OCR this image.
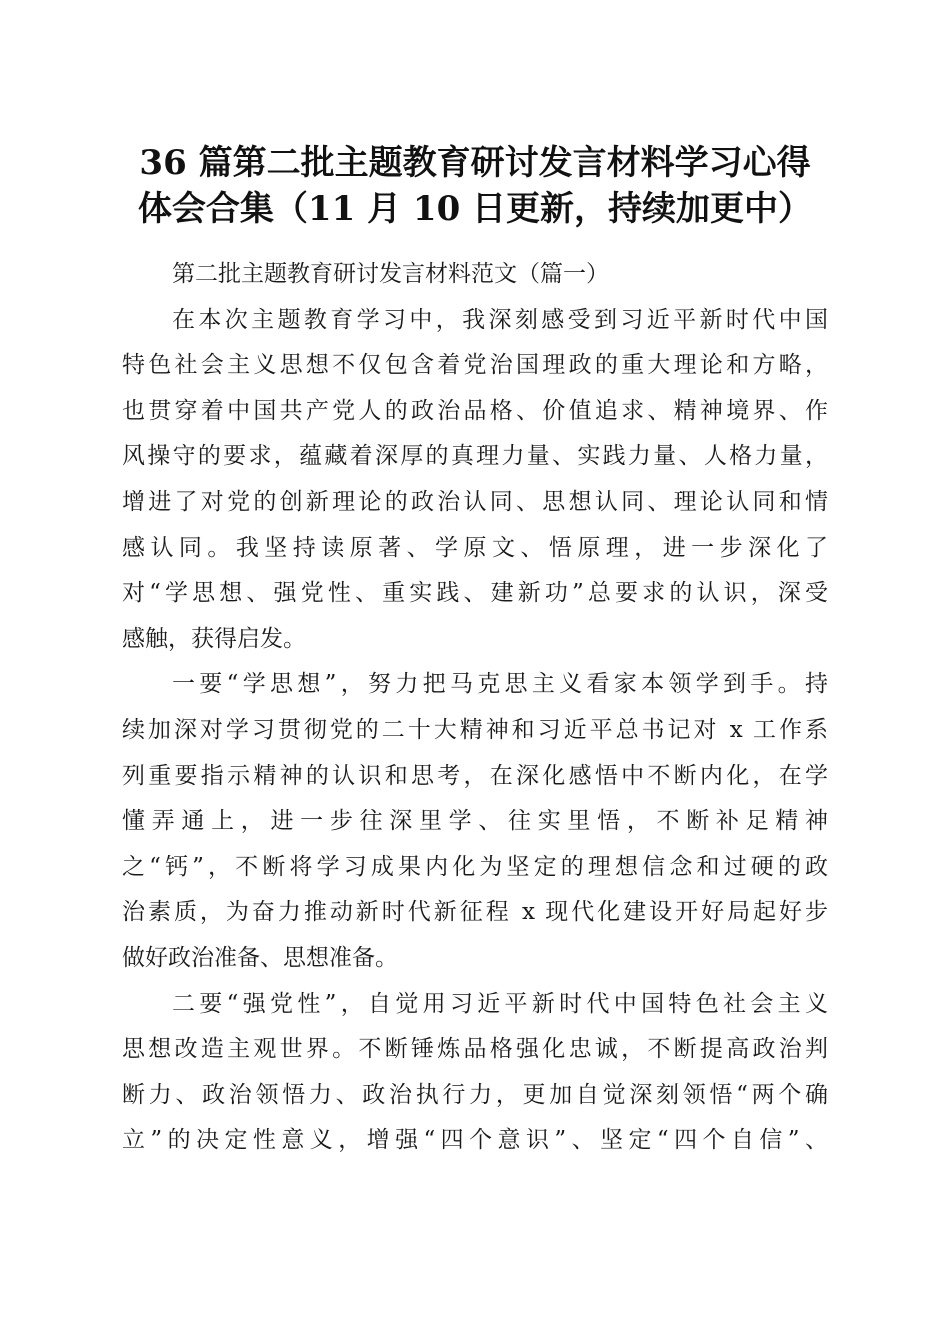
36 篇第二批主题教育研讨发言材料学习心得
体会合集（11 月 10 日更新，持续加更中）
第二批主题教育研讨发言材料范文（篇一）
在本次主题教育学习中，我深刻感受到习近平新时代中国
特色社会主义思想不仅包含着党治国理政的重大理论和方略，
也贯穿着中国共产党人的政治品格、价值追求、精神境界、作
风操守的要求，蕴藏着深厚的真理力量、实践力量、人格力量，
增进了对党的创新理论的政治认同、思想认同、理论认同和情
感认同。我坚持读原著、学原文、悟原理，进一步深化了
对“学思想、强党性、重实践、建新功”总要求的认识，深受
感触，获得启发。
一要“学思想”，努力把马克思主义看家本领学到手。持
续加深对学习贯彻党的二十大精神和习近平总书记对 x 工作系
列重要指示精神的认识和思考，在深化感悟中不断内化，在学
懂弄通上，进一步往深里学、往实里悟，不断补足精神
之“钙”，不断将学习成果内化为坚定的理想信念和过硬的政
治素质，为奋力推动新时代新征程 x 现代化建设开好局起好步
做好政治准备、思想准备。
二要“强党性”，自觉用习近平新时代中国特色社会主义
思想改造主观世界。不断锤炼品格强化忠诚，不断提高政治判
断力、政治领悟力、政治执行力，更加自觉深刻领悟“两个确
立”的决定性意义，增强“四个意识”、坚定“四个自信”、
